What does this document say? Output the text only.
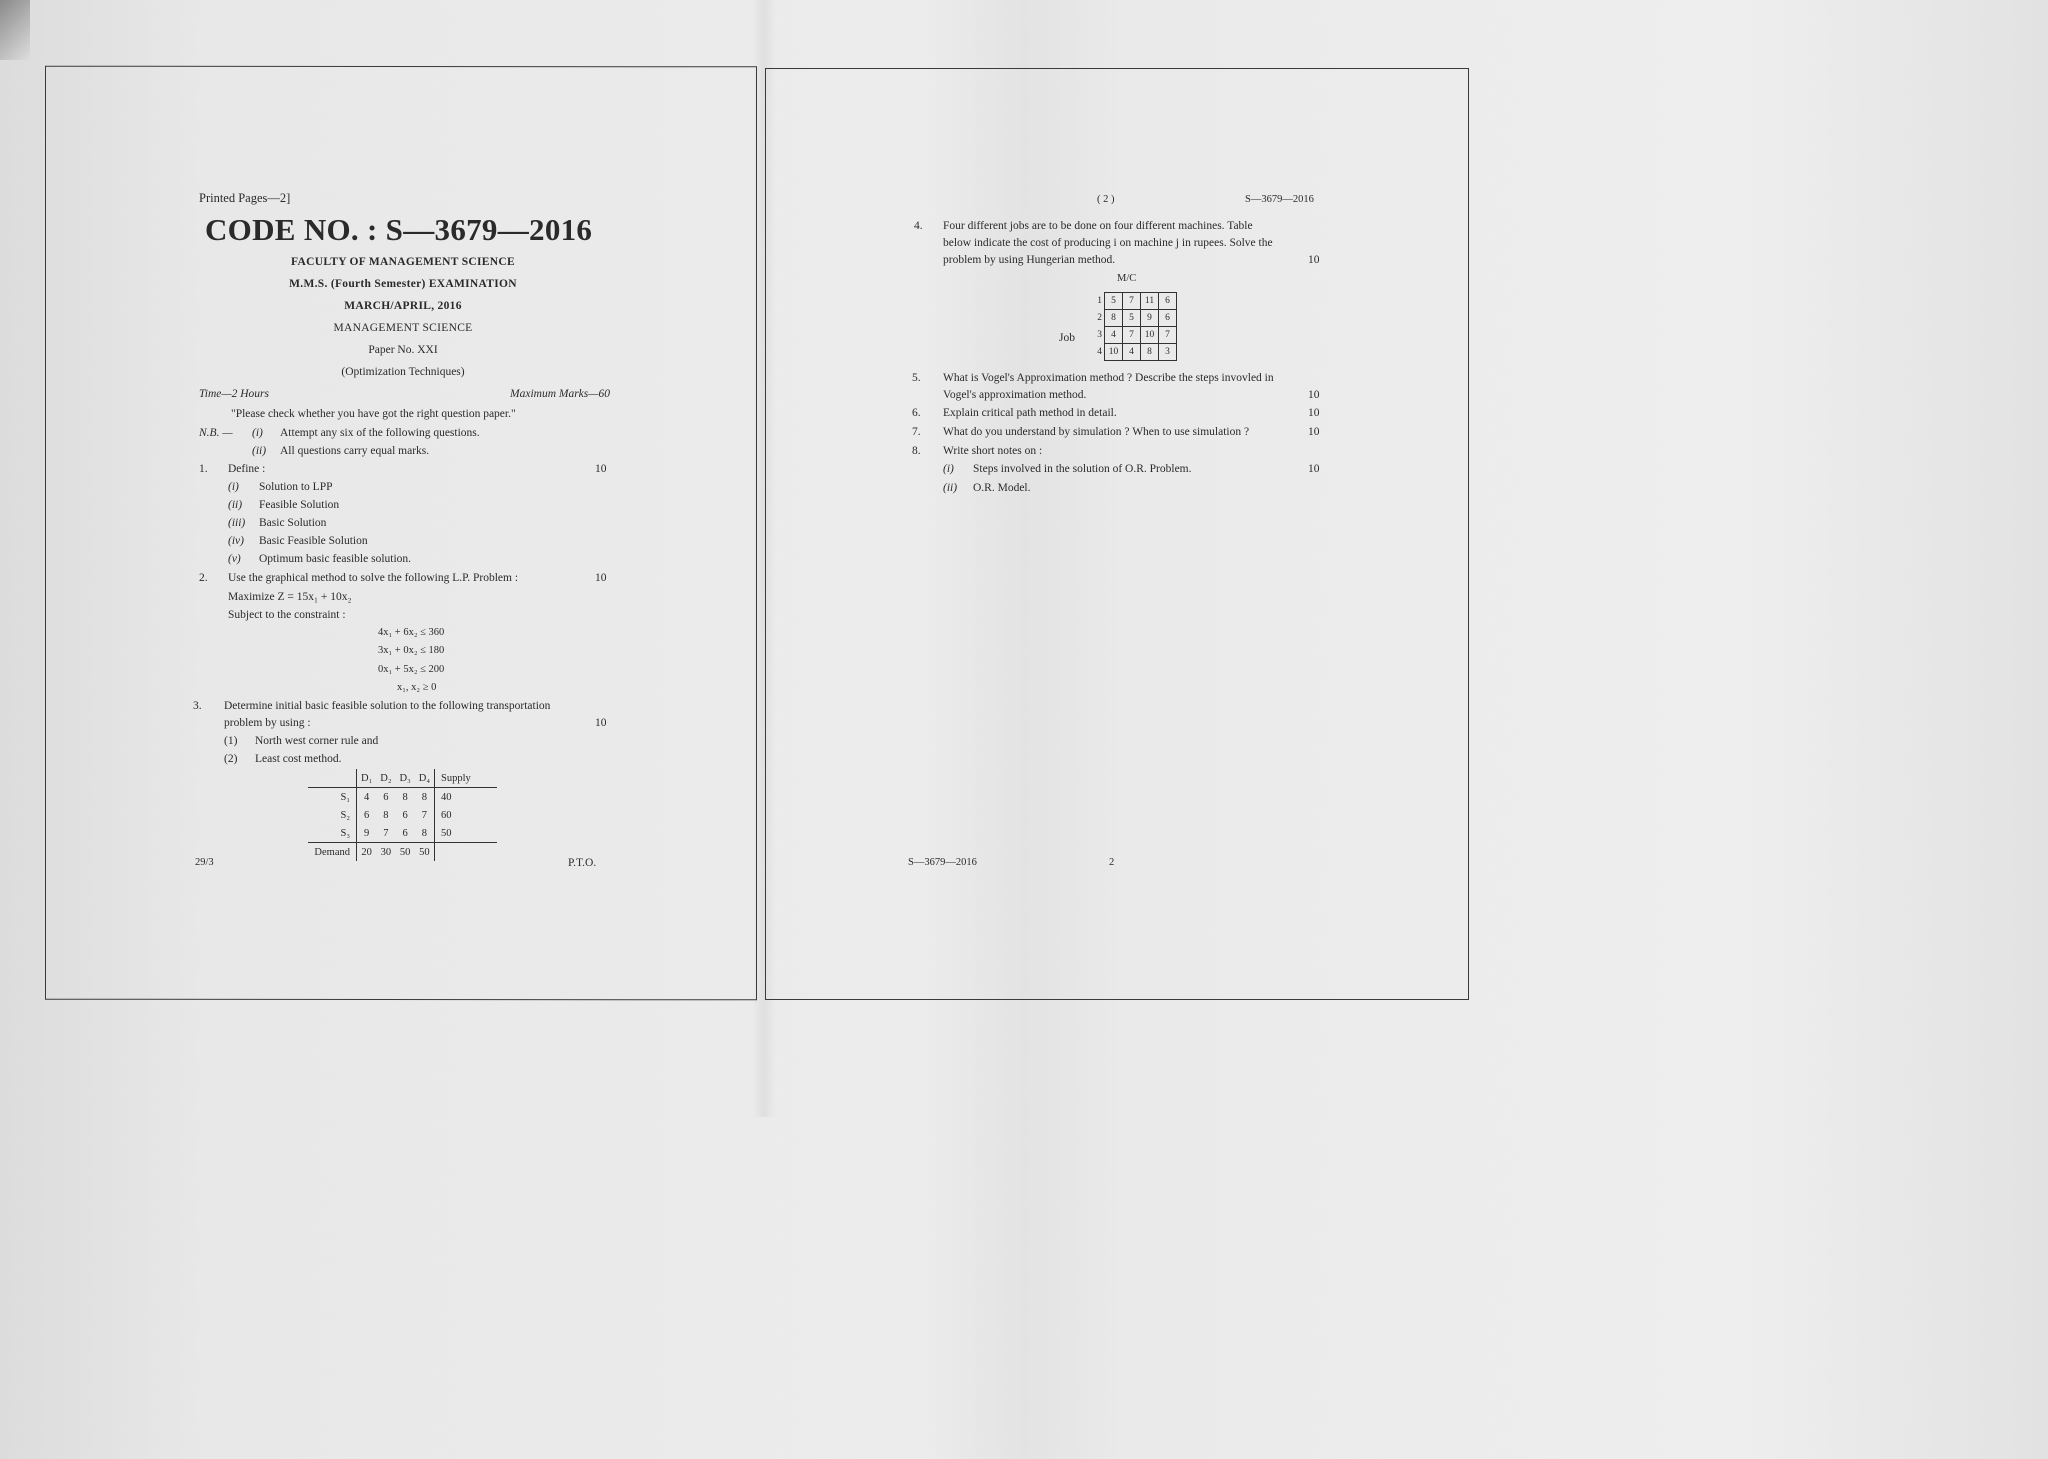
Printed Pages—2]
CODE NO. : S—3679—2016
FACULTY OF MANAGEMENT SCIENCE
M.M.S. (Fourth Semester) EXAMINATION
MARCH/APRIL, 2016
MANAGEMENT SCIENCE
Paper No. XXI
(Optimization Techniques)
Time—2 Hours	Maximum Marks—60
"Please check whether you have got the right question paper."
N.B. — (i) Attempt any six of the following questions.
(ii) All questions carry equal marks.
1. Define :	10
(i) Solution to LPP
(ii) Feasible Solution
(iii) Basic Solution
(iv) Basic Feasible Solution
(v) Optimum basic feasible solution.
2. Use the graphical method to solve the following L.P. Problem :	10
Maximize Z = 15x₁ + 10x₂
Subject to the constraint :
4x₁ + 6x₂ ≤ 360
3x₁ + 0x₂ ≤ 180
0x₁ + 5x₂ ≤ 200
x₁, x₂ ≥ 0
3. Determine initial basic feasible solution to the following transportation
problem by using :	10
(1) North west corner rule and
(2) Least cost method.
	D₁	D₂	D₃	D₄	Supply
S₁	4	6	8	8	40
S₂	6	8	6	7	60
S₃	9	7	6	8	50
Demand	20	30	50	50	
29/3	P.T.O.
( 2 )	S—3679—2016
4. Four different jobs are to be done on four different machines. Table
below indicate the cost of producing i on machine j in rupees. Solve the
problem by using Hungerian method.	10
M/C
Job
1	5	7	11	6
2	8	5	9	6
3	4	7	10	7
4	10	4	8	3
5. What is Vogel's Approximation method ? Describe the steps invovled in
Vogel's approximation method.	10
6. Explain critical path method in detail.	10
7. What do you understand by simulation ? When to use simulation ?	10
8. Write short notes on :
(i) Steps involved in the solution of O.R. Problem.	10
(ii) O.R. Model.
S—3679—2016	2
